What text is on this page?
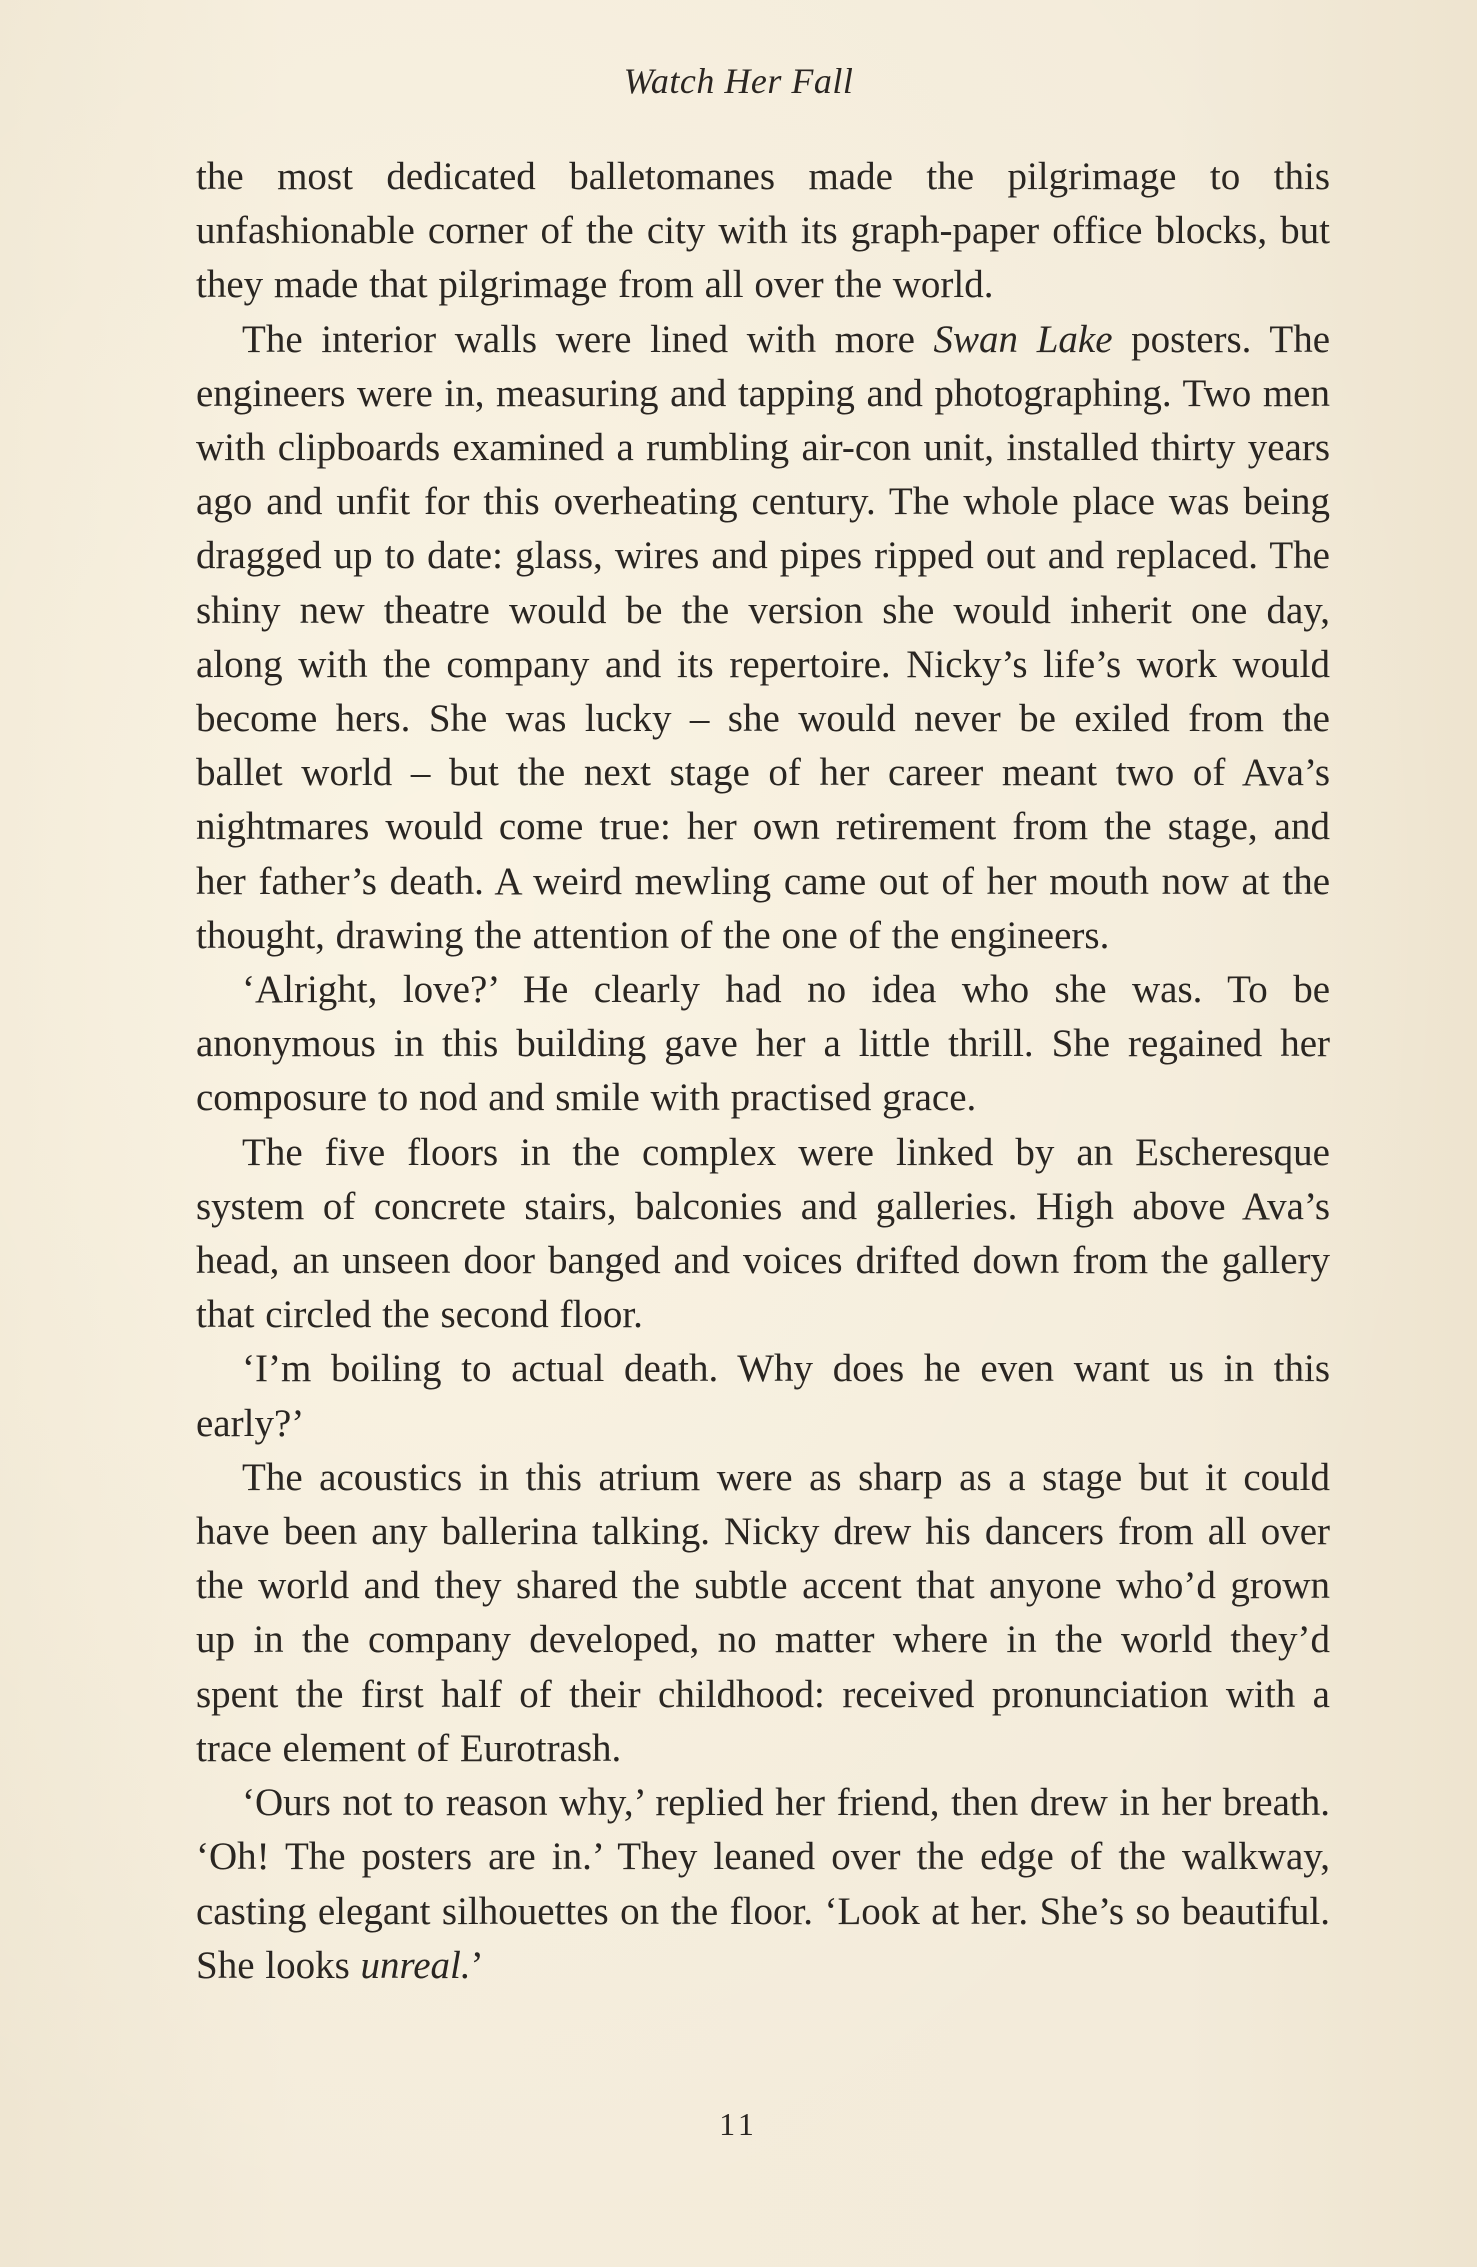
Watch Her Fall

the most dedicated balletomanes made the pilgrimage to this unfashionable corner of the city with its graph-paper office blocks, but they made that pilgrimage from all over the world.

The interior walls were lined with more Swan Lake posters. The engineers were in, measuring and tapping and photographing. Two men with clipboards examined a rumbling air-con unit, installed thirty years ago and unfit for this overheating century. The whole place was being dragged up to date: glass, wires and pipes ripped out and replaced. The shiny new theatre would be the version she would inherit one day, along with the company and its repertoire. Nicky’s life’s work would become hers. She was lucky – she would never be exiled from the ballet world – but the next stage of her career meant two of Ava’s nightmares would come true: her own retirement from the stage, and her father’s death. A weird mewling came out of her mouth now at the thought, drawing the attention of the one of the engineers.

‘Alright, love?’ He clearly had no idea who she was. To be anonymous in this building gave her a little thrill. She regained her composure to nod and smile with practised grace.

The five floors in the complex were linked by an Escheresque system of concrete stairs, balconies and galleries. High above Ava’s head, an unseen door banged and voices drifted down from the gallery that circled the second floor.

‘I’m boiling to actual death. Why does he even want us in this early?’

The acoustics in this atrium were as sharp as a stage but it could have been any ballerina talking. Nicky drew his dancers from all over the world and they shared the subtle accent that anyone who’d grown up in the company developed, no matter where in the world they’d spent the first half of their childhood: received pronunciation with a trace element of Eurotrash.

‘Ours not to reason why,’ replied her friend, then drew in her breath. ‘Oh! The posters are in.’ They leaned over the edge of the walkway, casting elegant silhouettes on the floor. ‘Look at her. She’s so beautiful. She looks unreal.’

11
